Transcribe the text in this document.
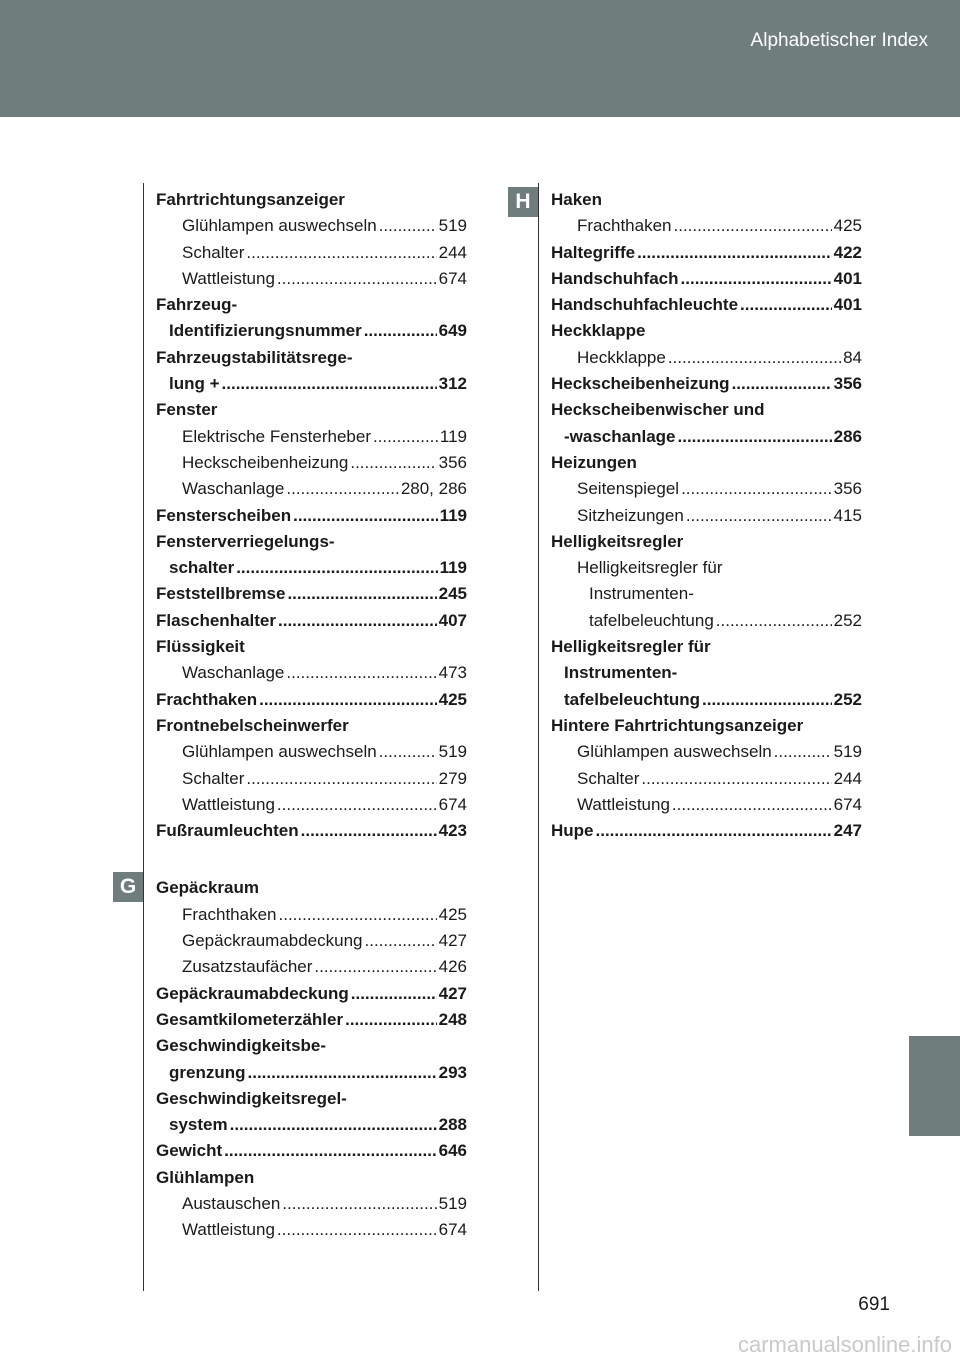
Alphabetischer Index
G
H
Fahrtrichtungsanzeiger
Glühlampen auswechseln .....	519
Schalter .....	244
Wattleistung .....	674
Fahrzeug-
Identifizierungsnummer .....	649
Fahrzeugstabilitätsrege-
lung + .....	312
Fenster
Elektrische Fensterheber .....	119
Heckscheibenheizung .....	356
Waschanlage .....	280, 286
Fensterscheiben .....	119
Fensterverriegelungs-
schalter .....	119
Feststellbremse .....	245
Flaschenhalter .....	407
Flüssigkeit
Waschanlage .....	473
Frachthaken .....	425
Frontnebelscheinwerfer
Glühlampen auswechseln .....	519
Schalter .....	279
Wattleistung .....	674
Fußraumleuchten .....	423
Gepäckraum
Frachthaken .....	425
Gepäckraumabdeckung .....	427
Zusatzstaufächer .....	426
Gepäckraumabdeckung .....	427
Gesamtkilometerzähler .....	248
Geschwindigkeitsbe-
grenzung .....	293
Geschwindigkeitsregel-
system .....	288
Gewicht .....	646
Glühlampen
Austauschen .....	519
Wattleistung .....	674
Haken
Frachthaken .....	425
Haltegriffe .....	422
Handschuhfach .....	401
Handschuhfachleuchte .....	401
Heckklappe
Heckklappe .....	84
Heckscheibenheizung .....	356
Heckscheibenwischer und
-waschanlage .....	286
Heizungen
Seitenspiegel .....	356
Sitzheizungen .....	415
Helligkeitsregler
Helligkeitsregler für
Instrumenten-
tafelbeleuchtung .....	252
Helligkeitsregler für
Instrumenten-
tafelbeleuchtung .....	252
Hintere Fahrtrichtungsanzeiger
Glühlampen auswechseln .....	519
Schalter .....	244
Wattleistung .....	674
Hupe .....	247
691
carmanualsonline.info
